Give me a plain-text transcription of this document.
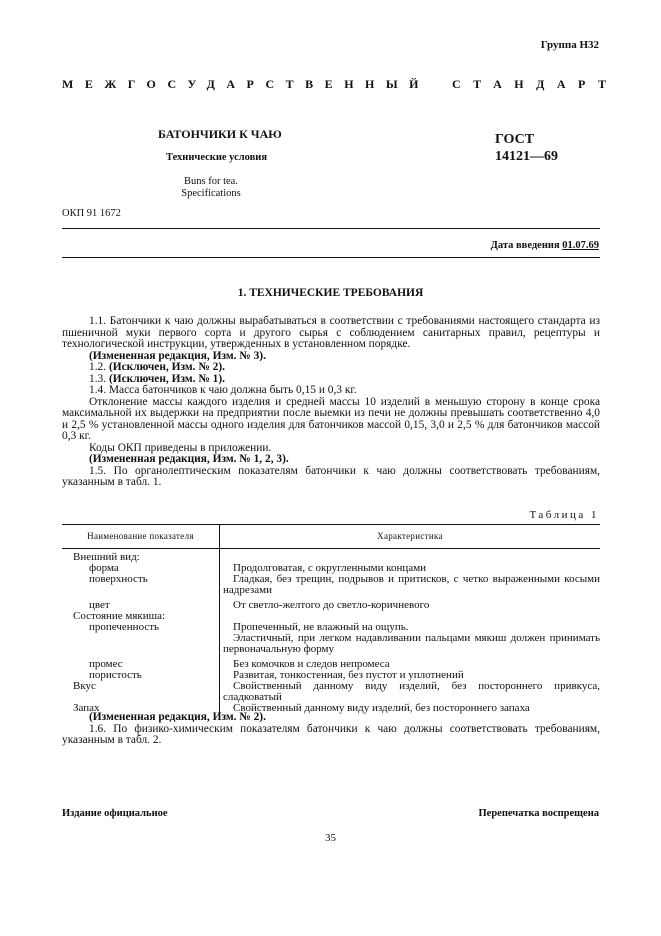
Группа Н32
МЕЖГОСУДАРСТВЕННЫЙ СТАНДАРТ
БАТОНЧИКИ К ЧАЮ
Технические условия
Buns for tea.
Specifications
ГОСТ
14121—69
ОКП 91 1672
Дата введения 01.07.69
1. ТЕХНИЧЕСКИЕ ТРЕБОВАНИЯ

1.1. Батончики к чаю должны вырабатываться в соответствии с требованиями настоящего стандарта из пшеничной муки первого сорта и другого сырья с соблюдением санитарных правил, рецептуры и технологической инструкции, утвержденных в установленном порядке.

(Измененная редакция, Изм. № 3).

1.2. (Исключен, Изм. № 2).

1.3. (Исключен, Изм. № 1).

1.4. Масса батончиков к чаю должна быть 0,15 и 0,3 кг.

Отклонение массы каждого изделия и средней массы 10 изделий в меньшую сторону в конце срока максимальной их выдержки на предприятии после выемки из печи не должны превышать соответственно 4,0 и 2,5 % установленной массы одного изделия для батончиков массой 0,15, 3,0 и 2,5 % для батончиков массой 0,3 кг.

Коды ОКП приведены в приложении.

(Измененная редакция, Изм. № 1, 2, 3).

1.5. По органолептическим показателям батончики к чаю должны соответствовать требованиям, указанным в табл. 1.

Таблица 1
Наименование показателя	Характеристика
Внешний вид:	
форма	Продолговатая, с округленными концами
поверхность	Гладкая, без трещин, подрывов и притисков, с четко выраженными косыми надрезами
цвет	От светло-желтого до светло-коричневого
Состояние мякиша:	
пропеченность	Пропеченный, не влажный на ощупь.
	Эластичный, при легком надавливании пальцами мякиш должен принимать первоначальную форму
промес	Без комочков и следов непромеса
пористость	Развитая, тонкостенная, без пустот и уплотнений
Вкус	Свойственный данному виду изделий, без постороннего привкуса, сладковатый
Запах	Свойственный данному виду изделий, без постороннего запаха

(Измененная редакция, Изм. № 2).

1.6. По физико-химическим показателям батончики к чаю должны соответствовать требованиям, указанным в табл. 2.

Издание официальное	Перепечатка воспрещена
35
